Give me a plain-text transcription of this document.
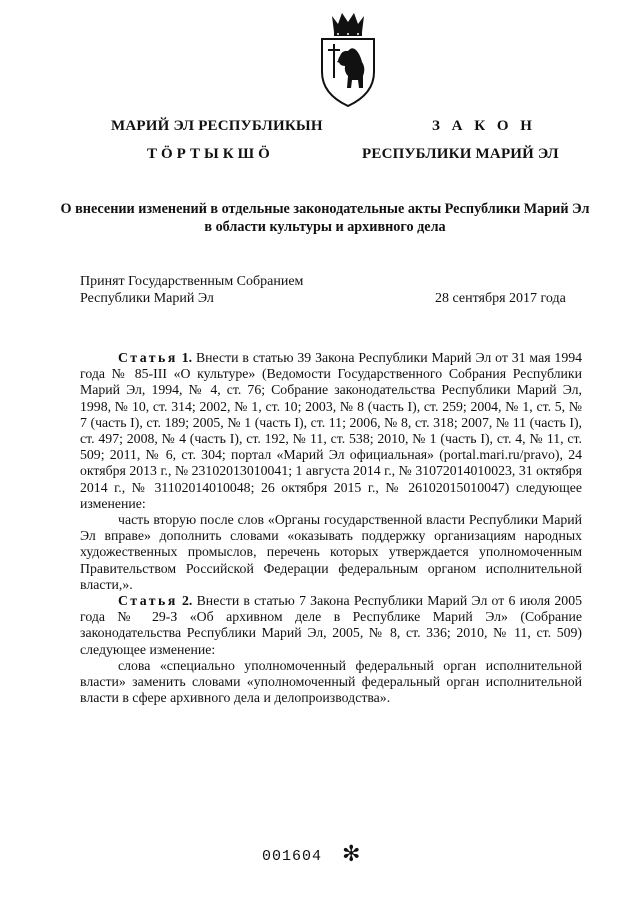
МАРИЙ ЭЛ РЕСПУБЛИКЫН
ТӦРТЫКШӦ
З А К О Н
РЕСПУБЛИКИ МАРИЙ ЭЛ
О внесении изменений в отдельные законодательные акты Республики Марий Эл в области культуры и архивного дела
Принят Государственным Собранием
Республики Марий Эл	28 сентября 2017 года

Статья 1. Внести в статью 39 Закона Республики Марий Эл от 31 мая 1994 года № 85-III «О культуре» (Ведомости Государственного Собрания Республики Марий Эл, 1994, № 4, ст. 76; Собрание законодательства Республики Марий Эл, 1998, № 10, ст. 314; 2002, № 1, ст. 10; 2003, № 8 (часть I), ст. 259; 2004, № 1, ст. 5, № 7 (часть I), ст. 189; 2005, № 1 (часть I), ст. 11; 2006, № 8, ст. 318; 2007, № 11 (часть I), ст. 497; 2008, № 4 (часть I), ст. 192, № 11, ст. 538; 2010, № 1 (часть I), ст. 4, № 11, ст. 509; 2011, № 6, ст. 304; портал «Марий Эл официальная» (portal.mari.ru/pravo), 24 октября 2013 г., № 23102013010041; 1 августа 2014 г., № 31072014010023, 31 октября 2014 г., № 31102014010048; 26 октября 2015 г., № 26102015010047) следующее изменение:

часть вторую после слов «Органы государственной власти Республики Марий Эл вправе» дополнить словами «оказывать поддержку организациям народных художественных промыслов, перечень которых утверждается уполномоченным Правительством Российской Федерации федеральным органом исполнительной власти,».

Статья 2. Внести в статью 7 Закона Республики Марий Эл от 6 июля 2005 года № 29-З «Об архивном деле в Республике Марий Эл» (Собрание законодательства Республики Марий Эл, 2005, № 8, ст. 336; 2010, № 11, ст. 509) следующее изменение:

слова «специально уполномоченный федеральный орган исполнительной власти» заменить словами «уполномоченный федеральный орган исполнительной власти в сфере архивного дела и делопроизводства».

001604 ✻
